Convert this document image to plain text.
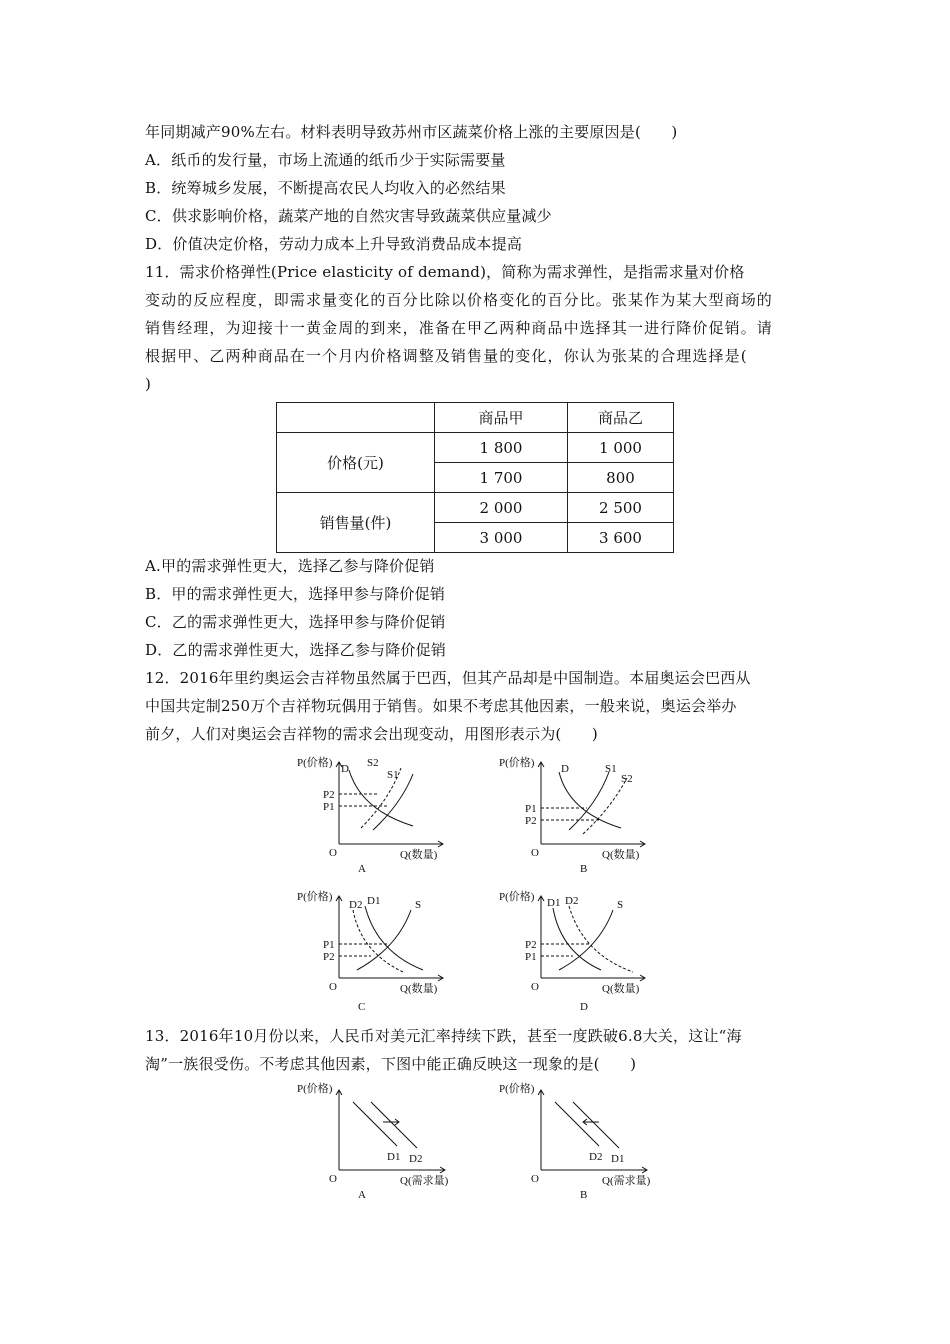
年同期减产90%左右。材料表明导致苏州市区蔬菜价格上涨的主要原因是(　　)
A．纸币的发行量，市场上流通的纸币少于实际需要量
B．统筹城乡发展，不断提高农民人均收入的必然结果
C．供求影响价格，蔬菜产地的自然灾害导致蔬菜供应量减少
D．价值决定价格，劳动力成本上升导致消费品成本提高
11．需求价格弹性(Price elasticity of demand)，简称为需求弹性，是指需求量对价格
变动的反应程度，即需求量变化的百分比除以价格变化的百分比。张某作为某大型商场的
销售经理，为迎接十一黄金周的到来，准备在甲乙两种商品中选择其一进行降价促销。请
根据甲、乙两种商品在一个月内价格调整及销售量的变化，你认为张某的合理选择是(
)
	商品甲	商品乙
价格(元)	1 800	1 000
	1 700	800
销售量(件)	2 000	2 500
	3 000	3 600
A.甲的需求弹性更大，选择乙参与降价促销
B．甲的需求弹性更大，选择甲参与降价促销
C．乙的需求弹性更大，选择甲参与降价促销
D．乙的需求弹性更大，选择乙参与降价促销
12．2016年里约奥运会吉祥物虽然属于巴西，但其产品却是中国制造。本届奥运会巴西从
中国共定制250万个吉祥物玩偶用于销售。如果不考虑其他因素，一般来说，奥运会举办
前夕，人们对奥运会吉祥物的需求会出现变动，用图形表示为(　　)
P(价格)
O	Q(数量)
D S2
S1
P2
P1
A
P(价格)
O	Q(数量)
D	S1
S2
P1
P2
B
P(价格)
O	Q(数量)
D2 D1	S
P1
P2
C
P(价格)
O	Q(数量)
D1 D2	S
P2
P1
D
13．2016年10月份以来，人民币对美元汇率持续下跌，甚至一度跌破6.8大关，这让“海
淘”一族很受伤。不考虑其他因素，下图中能正确反映这一现象的是(　　)
P(价格)
O	Q(需求量)
D1 D2
A
P(价格)
O	Q(需求量)
D2 D1
B
